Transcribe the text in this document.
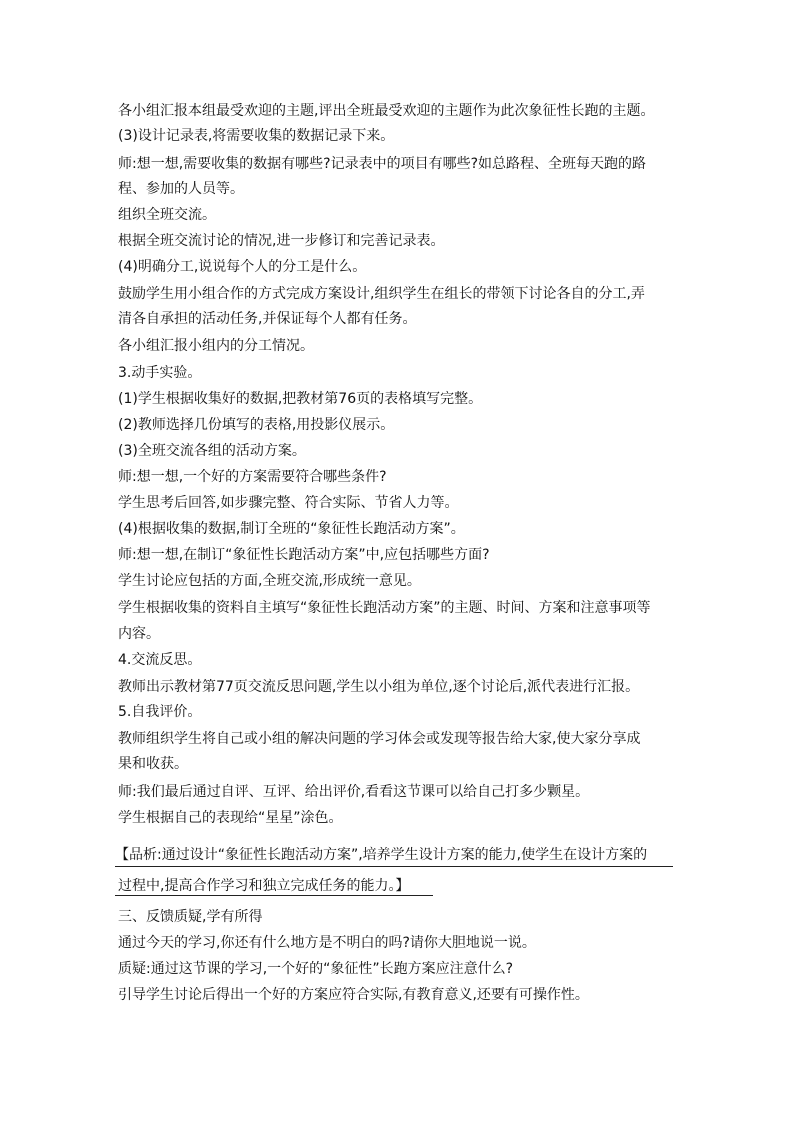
各小组汇报本组最受欢迎的主题,评出全班最受欢迎的主题作为此次象征性长跑的主题。
(3)设计记录表,将需要收集的数据记录下来。
师:想一想,需要收集的数据有哪些?记录表中的项目有哪些?如总路程、全班每天跑的路
程、参加的人员等。
组织全班交流。
根据全班交流讨论的情况,进一步修订和完善记录表。
(4)明确分工,说说每个人的分工是什么。
鼓励学生用小组合作的方式完成方案设计,组织学生在组长的带领下讨论各自的分工,弄
清各自承担的活动任务,并保证每个人都有任务。
各小组汇报小组内的分工情况。
3.动手实验。
(1)学生根据收集好的数据,把教材第76页的表格填写完整。
(2)教师选择几份填写的表格,用投影仪展示。
(3)全班交流各组的活动方案。
师:想一想,一个好的方案需要符合哪些条件?
学生思考后回答,如步骤完整、符合实际、节省人力等。
(4)根据收集的数据,制订全班的“象征性长跑活动方案”。
师:想一想,在制订“象征性长跑活动方案”中,应包括哪些方面?
学生讨论应包括的方面,全班交流,形成统一意见。
学生根据收集的资料自主填写“象征性长跑活动方案”的主题、时间、方案和注意事项等
内容。
4.交流反思。
教师出示教材第77页交流反思问题,学生以小组为单位,逐个讨论后,派代表进行汇报。
5.自我评价。
教师组织学生将自己或小组的解决问题的学习体会或发现等报告给大家,使大家分享成
果和收获。
师:我们最后通过自评、互评、给出评价,看看这节课可以给自己打多少颗星。
学生根据自己的表现给“星星”涂色。
【品析:通过设计“象征性长跑活动方案”,培养学生设计方案的能力,使学生在设计方案的
过程中,提高合作学习和独立完成任务的能力。】
三、反馈质疑,学有所得
通过今天的学习,你还有什么地方是不明白的吗?请你大胆地说一说。
质疑:通过这节课的学习,一个好的“象征性”长跑方案应注意什么?
引导学生讨论后得出一个好的方案应符合实际,有教育意义,还要有可操作性。
